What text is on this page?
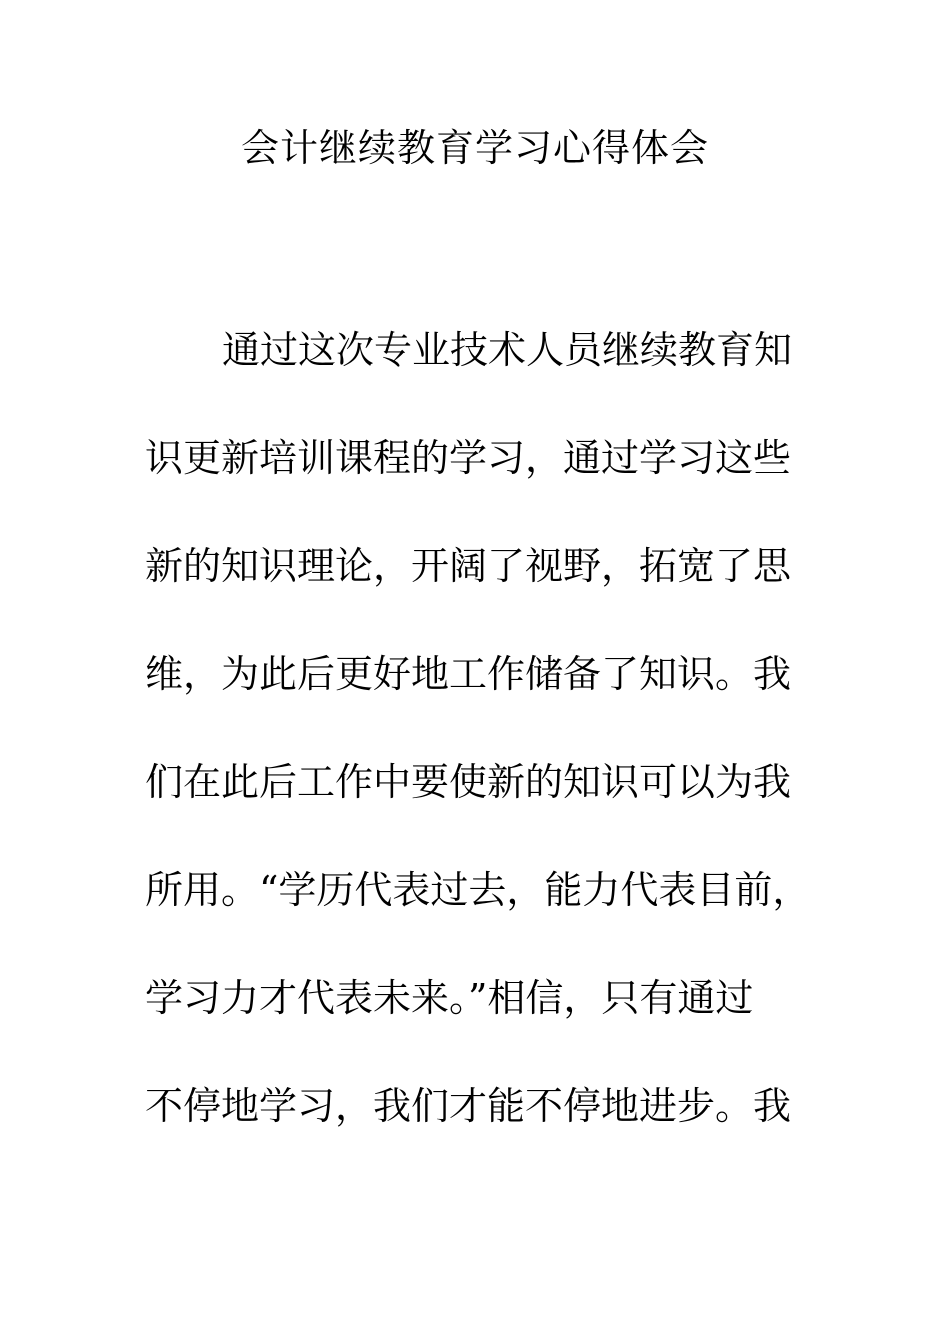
会计继续教育学习心得体会
通过这次专业技术人员继续教育知
识更新培训课程的学习，通过学习这些
新的知识理论，开阔了视野，拓宽了思
维，为此后更好地工作储备了知识。我
们在此后工作中要使新的知识可以为我
所用。“学历代表过去，能力代表目前，
学习力才代表未来。”相信，只有通过
不停地学习，我们才能不停地进步。我
